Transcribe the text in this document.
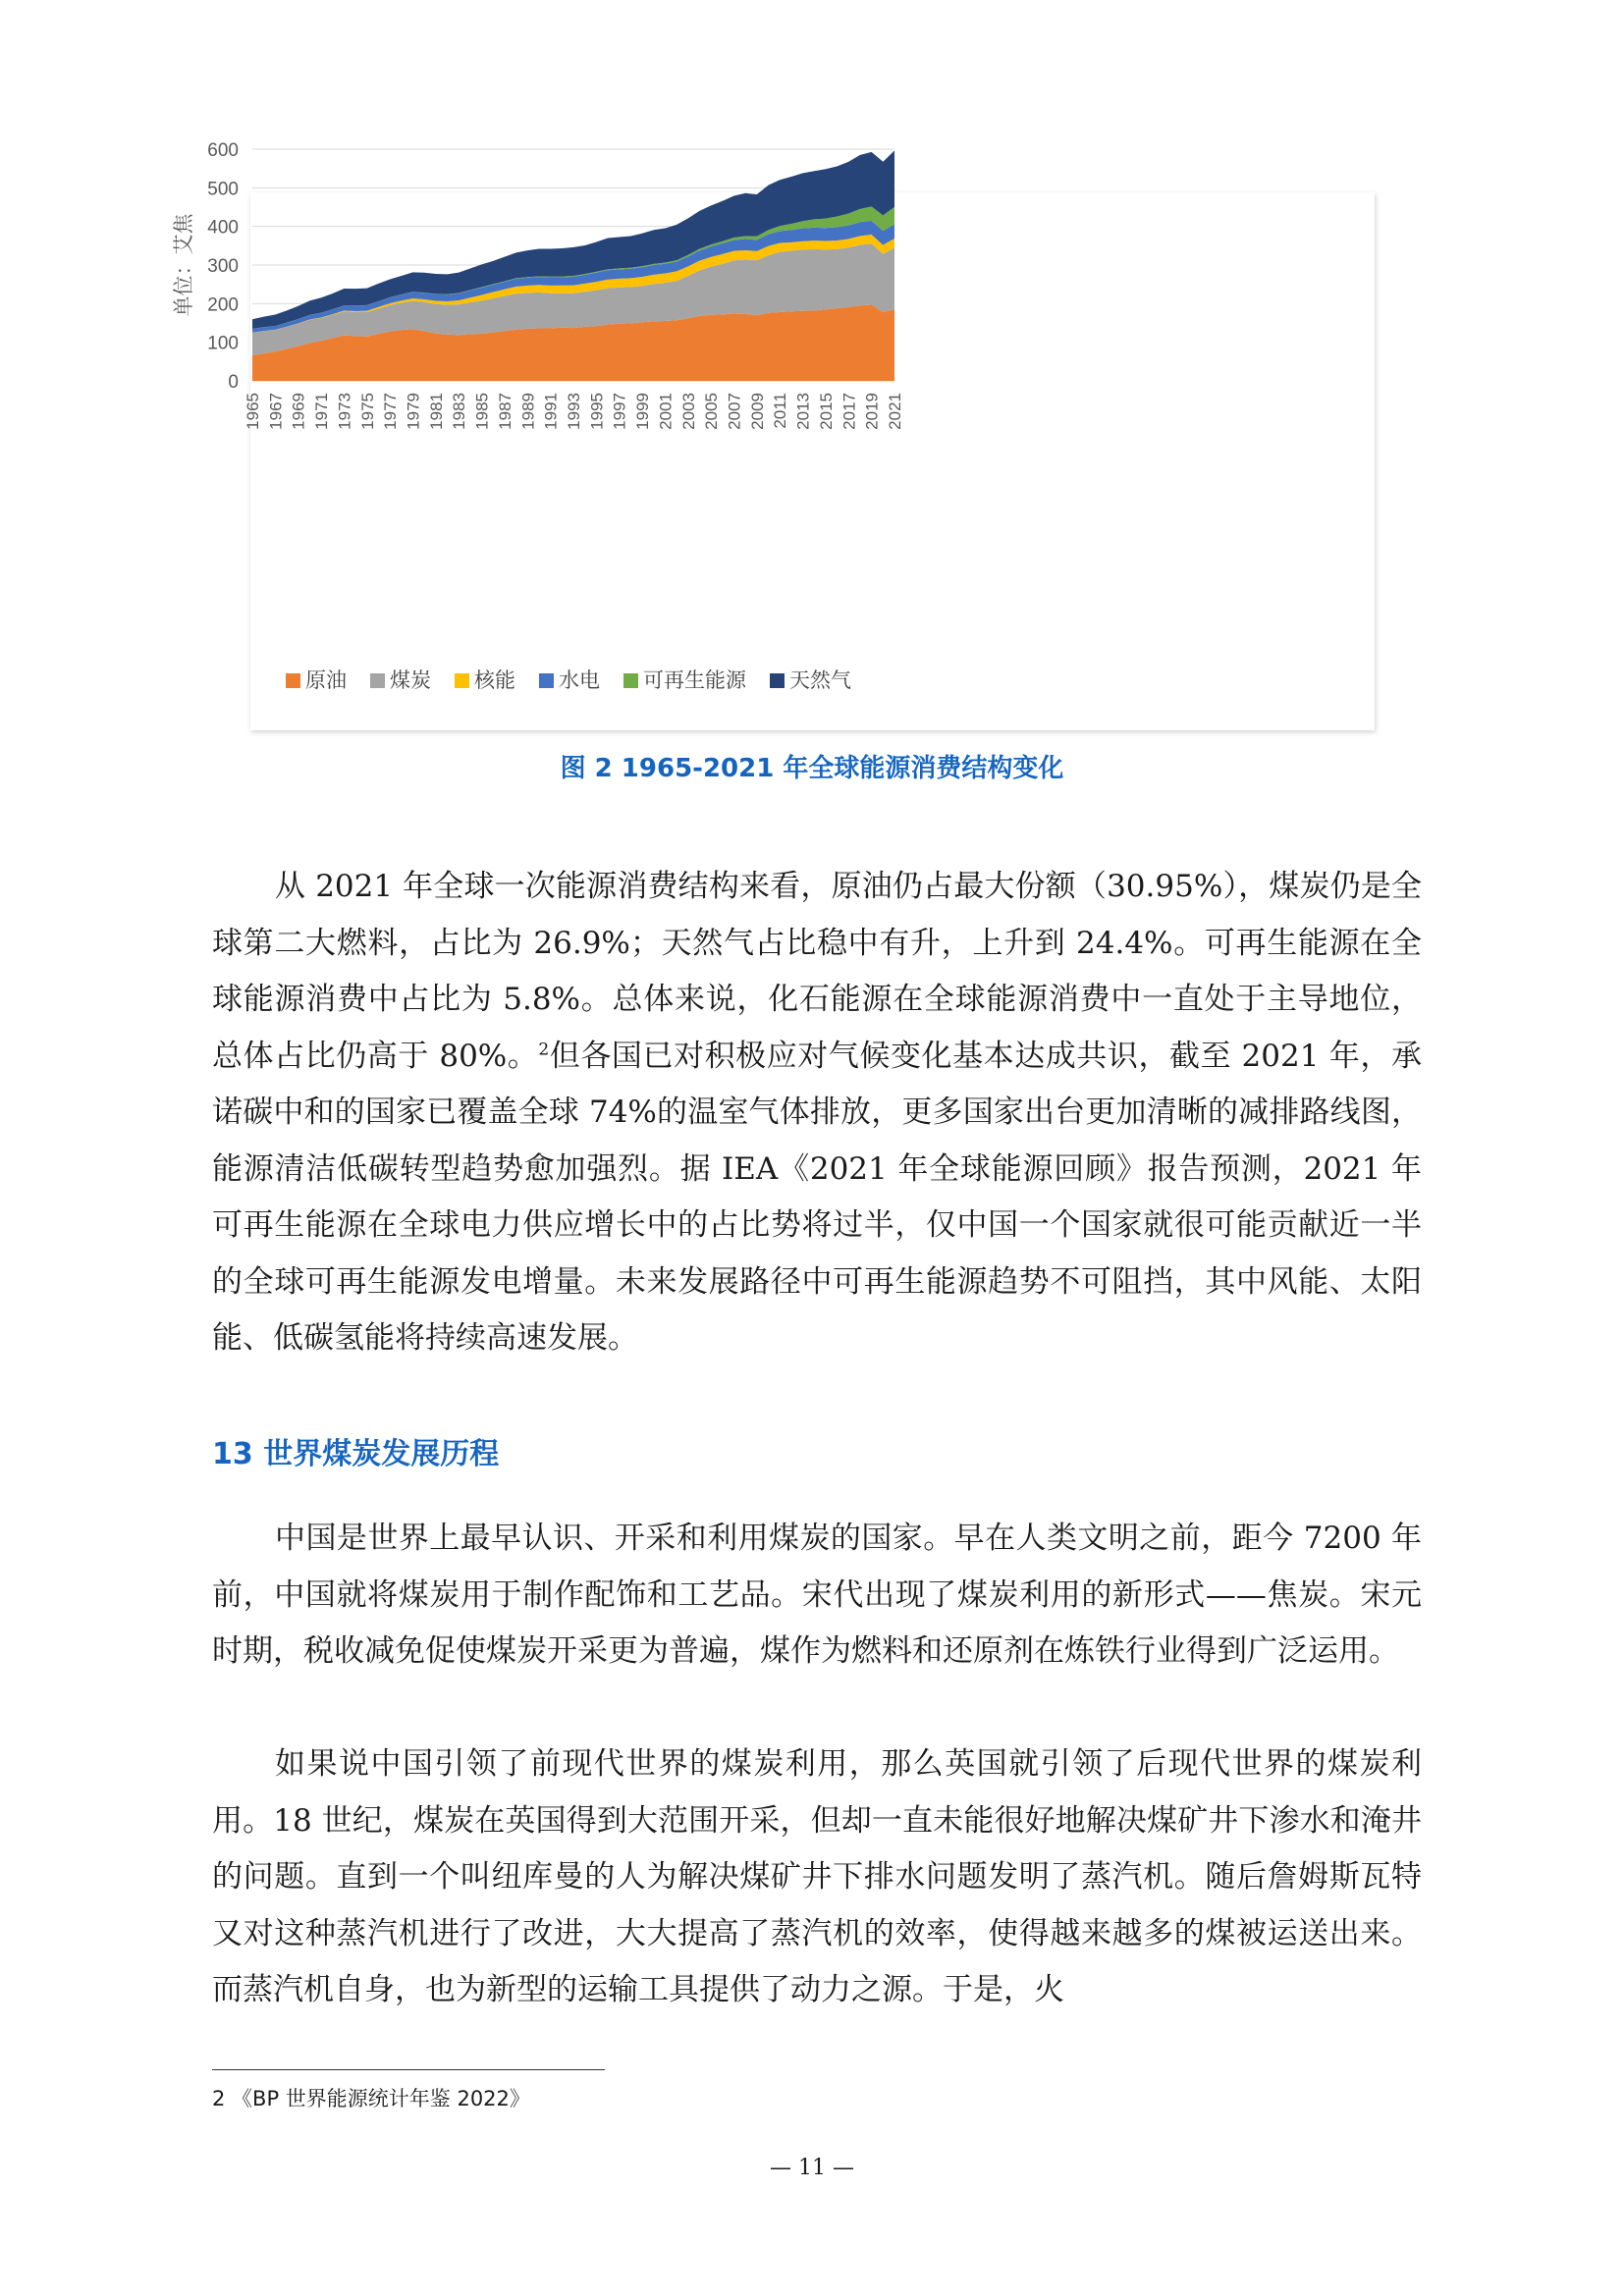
0
100
200
300
400
500
600
单位：艾焦
1965 1967 1969 1971 1973 1975 1977 1979 1981 1983 1985 1987 1989 1991 1993 1995 1997 1999 2001 2003 2005 2007 2009 2011 2013 2015 2017 2019 2021
原油 煤炭 核能 水电 可再生能源 天然气
图 2 1965-2021 年全球能源消费结构变化

从 2021 年全球一次能源消费结构来看，原油仍占最大份额（30.95%），煤炭仍是全球第二大燃料，占比为 26.9%；天然气占比稳中有升，上升到 24.4%。可再生能源在全球能源消费中占比为 5.8%。总体来说，化石能源在全球能源消费中一直处于主导地位，总体占比仍高于 80%。$^2$但各国已对积极应对气候变化基本达成共识，截至 2021 年，承诺碳中和的国家已覆盖全球 74%的温室气体排放，更多国家出台更加清晰的减排路线图，能源清洁低碳转型趋势愈加强烈。据 IEA《2021 年全球能源回顾》报告预测，2021 年可再生能源在全球电力供应增长中的占比势将过半，仅中国一个国家就很可能贡献近一半的全球可再生能源发电增量。未来发展路径中可再生能源趋势不可阻挡，其中风能、太阳能、低碳氢能将持续高速发展。

13 世界煤炭发展历程

中国是世界上最早认识、开采和利用煤炭的国家。早在人类文明之前，距今 7200 年前，中国就将煤炭用于制作配饰和工艺品。宋代出现了煤炭利用的新形式——焦炭。宋元时期，税收减免促使煤炭开采更为普遍，煤作为燃料和还原剂在炼铁行业得到广泛运用。

如果说中国引领了前现代世界的煤炭利用，那么英国就引领了后现代世界的煤炭利用。18 世纪，煤炭在英国得到大范围开采，但却一直未能很好地解决煤矿井下渗水和淹井的问题。直到一个叫纽库曼的人为解决煤矿井下排水问题发明了蒸汽机。随后詹姆斯瓦特又对这种蒸汽机进行了改进，大大提高了蒸汽机的效率，使得越来越多的煤被运送出来。而蒸汽机自身，也为新型的运输工具提供了动力之源。于是，火

2 《BP 世界能源统计年鉴 2022》
— 11 —
